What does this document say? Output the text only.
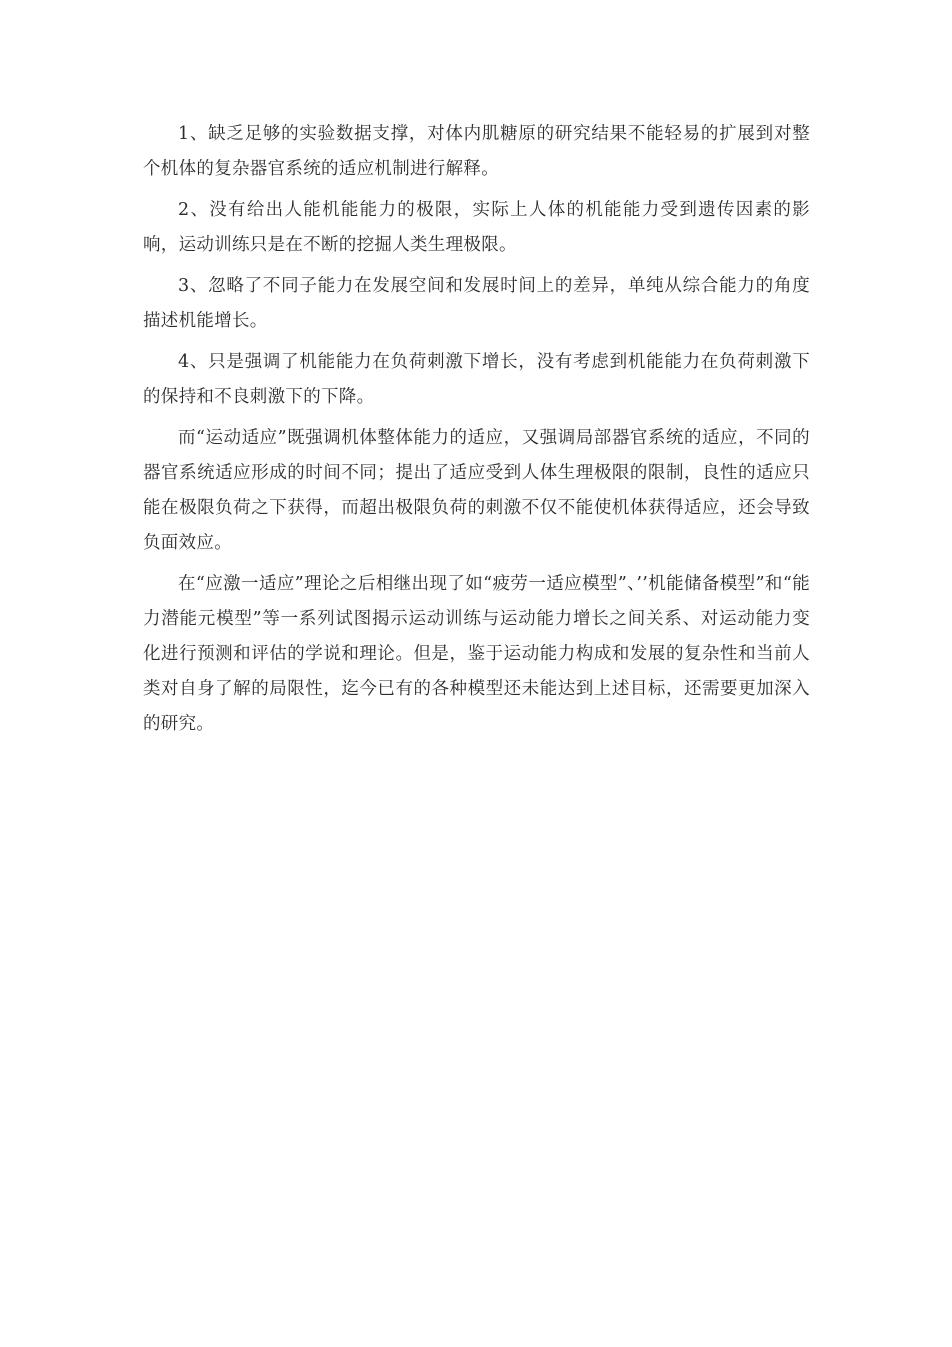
1、缺乏足够的实验数据支撑，对体内肌糖原的研究结果不能轻易的扩展到对整个机体的复杂器官系统的适应机制进行解释。

2、没有给出人能机能能力的极限，实际上人体的机能能力受到遗传因素的影响，运动训练只是在不断的挖掘人类生理极限。

3、忽略了不同子能力在发展空间和发展时间上的差异，单纯从综合能力的角度描述机能增长。

4、只是强调了机能能力在负荷刺激下增长，没有考虑到机能能力在负荷刺激下的保持和不良刺激下的下降。

而“运动适应”既强调机体整体能力的适应，又强调局部器官系统的适应，不同的器官系统适应形成的时间不同；提出了适应受到人体生理极限的限制，良性的适应只能在极限负荷之下获得，而超出极限负荷的刺激不仅不能使机体获得适应，还会导致负面效应。

在“应激一适应”理论之后相继出现了如“疲劳一适应模型”、’’机能储备模型”和“能力潜能元模型”等一系列试图揭示运动训练与运动能力增长之间关系、对运动能力变化进行预测和评估的学说和理论。但是，鉴于运动能力构成和发展的复杂性和当前人类对自身了解的局限性，迄今已有的各种模型还未能达到上述目标，还需要更加深入的研究。
